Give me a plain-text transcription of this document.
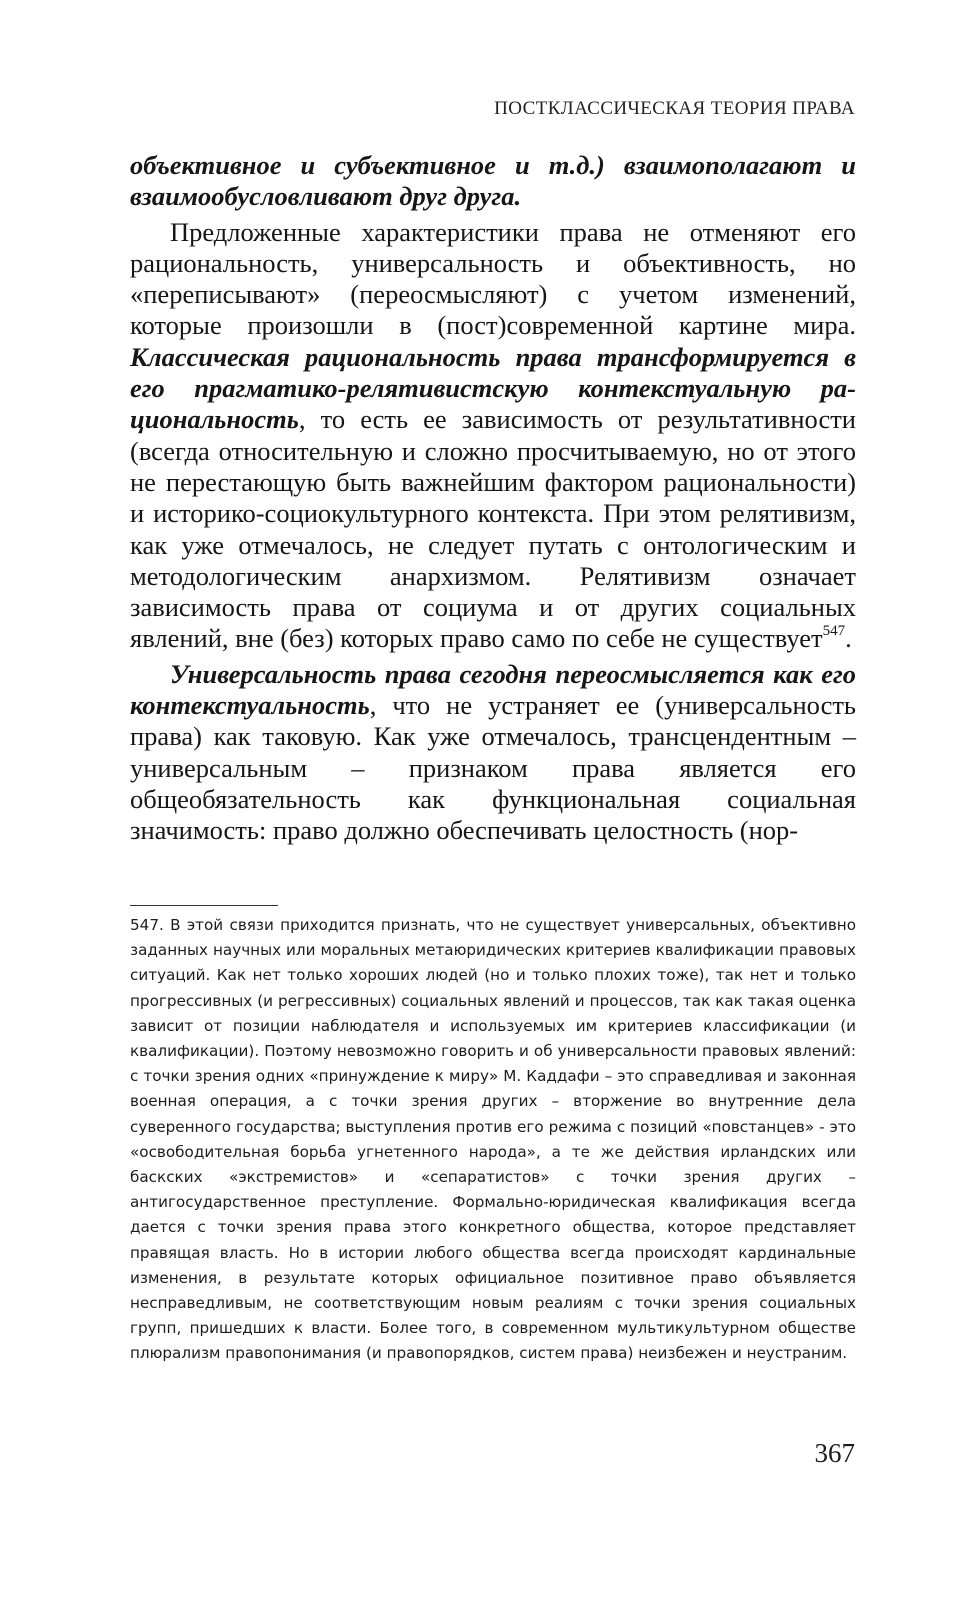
ПОСТКЛАССИЧЕСКАЯ ТЕОРИЯ ПРАВА

объективное и субъективное и т.д.) взаимополагают и взаимообусловливают друг друга.

Предложенные характеристики права не отменяют его рациональность, универсальность и объективность, но «переписывают» (переосмысляют) с учетом изменений, которые произошли в (пост)современной картине мира. Классическая рациональность права трансформируется в его прагматико-релятивистскую контекстуальную рациональность, то есть ее зависимость от результативности (всегда относительную и сложно просчитываемую, но от этого не перестающую быть важнейшим фактором рациональности) и историко-социокультурного контекста. При этом релятивизм, как уже отмечалось, не следует путать с онтологическим и методологическим анархизмом. Релятивизм означает зависимость права от социума и от других социальных явлений, вне (без) которых право само по себе не существует$^{547}$.

Универсальность права сегодня переосмысляется как его контекстуальность, что не устраняет ее (универсальность права) как таковую. Как уже отмечалось, трансцендентным – универсальным – признаком права является его общеобязательность как функциональная социальная значимость: право должно обеспечивать целостность (нор-

547. В этой связи приходится признать, что не существует универсальных, объективно заданных научных или моральных метаюридических критериев квалификации правовых ситуаций. Как нет только хороших людей (но и только плохих тоже), так нет и только прогрессивных (и регрессивных) социальных явлений и процессов, так как такая оценка зависит от позиции наблюдателя и используемых им критериев классификации (и квалификации). Поэтому невозможно говорить и об универсальности правовых явлений: с точки зрения одних «принуждение к миру» М. Каддафи – это справедливая и законная военная операция, а с точки зрения других – вторжение во внутренние дела суверенного государства; выступления против его режима с позиций «повстанцев» - это «освободительная борьба угнетенного народа», а те же действия ирландских или баскских «экстремистов» и «сепаратистов» с точки зрения других – антигосударственное преступление. Формально-юридическая квалификация всегда дается с точки зрения права этого конкретного общества, которое представляет правящая власть. Но в истории любого общества всегда происходят кардинальные изменения, в результате которых официальное позитивное право объявляется несправедливым, не соответствующим новым реалиям с точки зрения социальных групп, пришедших к власти. Более того, в современном мультикультурном обществе плюрализм правопонимания (и правопорядков, систем права) неизбежен и неустраним.

367
